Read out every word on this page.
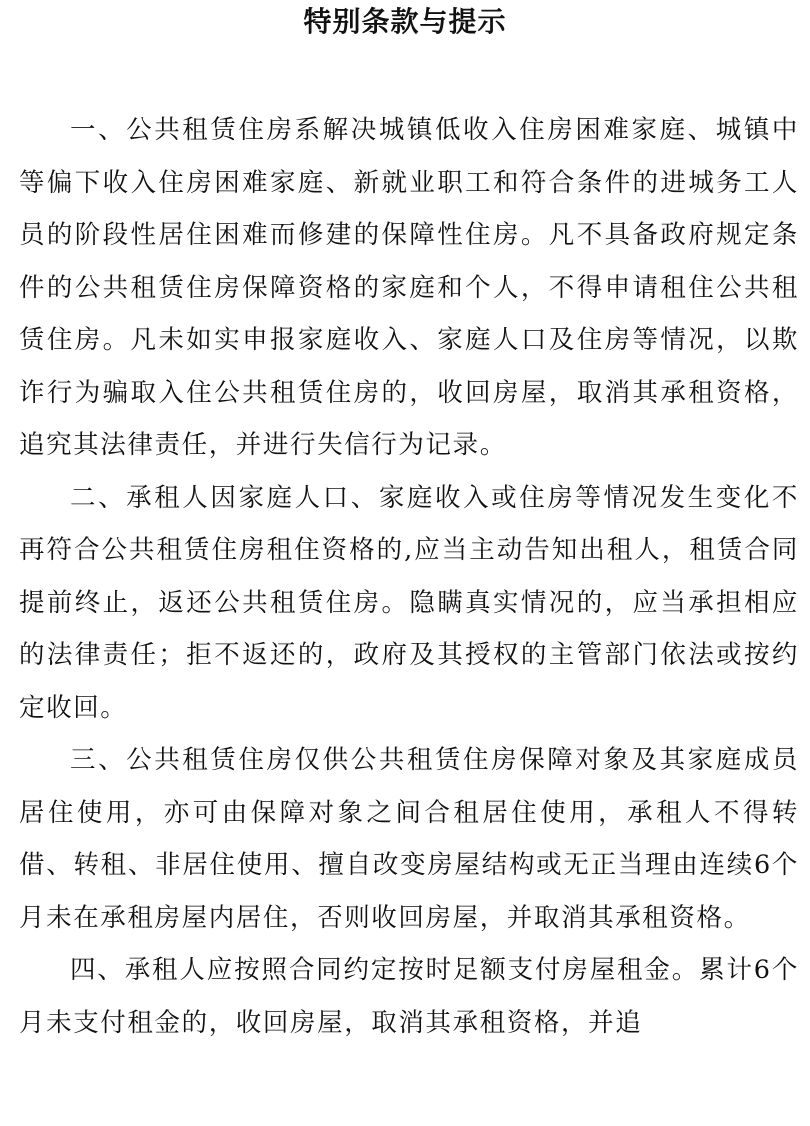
特别条款与提示

一、公共租赁住房系解决城镇低收入住房困难家庭、城镇中等偏下收入住房困难家庭、新就业职工和符合条件的进城务工人员的阶段性居住困难而修建的保障性住房。凡不具备政府规定条件的公共租赁住房保障资格的家庭和个人，不得申请租住公共租赁住房。凡未如实申报家庭收入、家庭人口及住房等情况，以欺诈行为骗取入住公共租赁住房的，收回房屋，取消其承租资格，追究其法律责任，并进行失信行为记录。

二、承租人因家庭人口、家庭收入或住房等情况发生变化不再符合公共租赁住房租住资格的,应当主动告知出租人，租赁合同提前终止，返还公共租赁住房。隐瞒真实情况的，应当承担相应的法律责任；拒不返还的，政府及其授权的主管部门依法或按约定收回。

三、公共租赁住房仅供公共租赁住房保障对象及其家庭成员居住使用，亦可由保障对象之间合租居住使用，承租人不得转借、转租、非居住使用、擅自改变房屋结构或无正当理由连续6个月未在承租房屋内居住，否则收回房屋，并取消其承租资格。

四、承租人应按照合同约定按时足额支付房屋租金。累计6个月未支付租金的，收回房屋，取消其承租资格，并追
